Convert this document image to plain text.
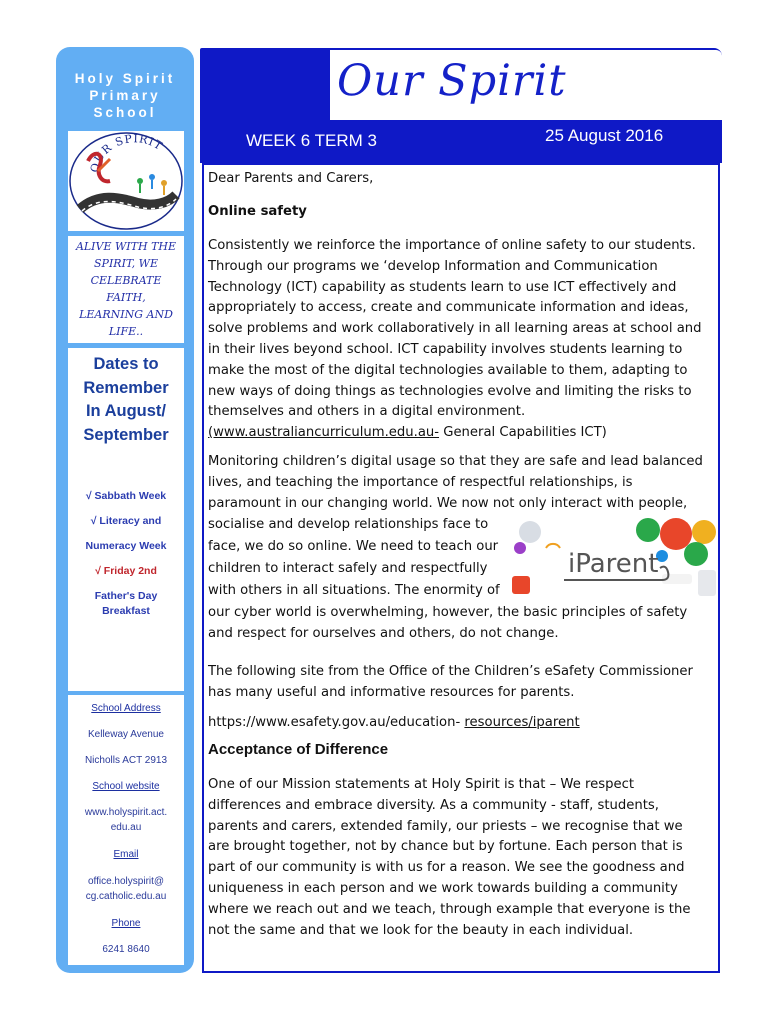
Holy Spirit
Primary
School
OUR SPIRIT
ALIVE WITH THE
SPIRIT, WE
CELEBRATE
FAITH,
LEARNING AND
LIFE..
Dates to
Remember
In August/
September
√ Sabbath Week
√ Literacy and
Numeracy Week
√ Friday 2nd
Father's Day
Breakfast
School Address
Kelleway Avenue
Nicholls ACT 2913
School website
www.holyspirit.act.
edu.au
Email
office.holyspirit@
cg.catholic.edu.au
Phone
6241 8640
Our Spirit
WEEK 6 TERM 3	25 August 2016
Dear Parents and Carers,
Online safety
Consistently we reinforce the importance of online safety to our students.
Through our programs we ‘develop Information and Communication
Technology (ICT) capability as students learn to use ICT effectively and
appropriately to access, create and communicate information and ideas,
solve problems and work collaboratively in all learning areas at school and
in their lives beyond school. ICT capability involves students learning to
make the most of the digital technologies available to them, adapting to
new ways of doing things as technologies evolve and limiting the risks to
themselves and others in a digital environment.
(www.australiancurriculum.edu.au- General Capabilities ICT)
Monitoring children’s digital usage so that they are safe and lead balanced
lives, and teaching the importance of respectful relationships, is
paramount in our changing world. We now not only interact with people,
socialise and develop relationships face to
face, we do so online. We need to teach our
children to interact safely and respectfully
with others in all situations. The enormity of
our cyber world is overwhelming, however, the basic principles of safety
and respect for ourselves and others, do not change.
iParent
The following site from the Office of the Children’s eSafety Commissioner
has many useful and informative resources for parents.
https://www.esafety.gov.au/education- resources/iparent
Acceptance of Difference
One of our Mission statements at Holy Spirit is that – We respect
differences and embrace diversity. As a community - staff, students,
parents and carers, extended family, our priests – we recognise that we
are brought together, not by chance but by fortune. Each person that is
part of our community is with us for a reason. We see the goodness and
uniqueness in each person and we work towards building a community
where we reach out and we teach, through example that everyone is the
not the same and that we look for the beauty in each individual.
